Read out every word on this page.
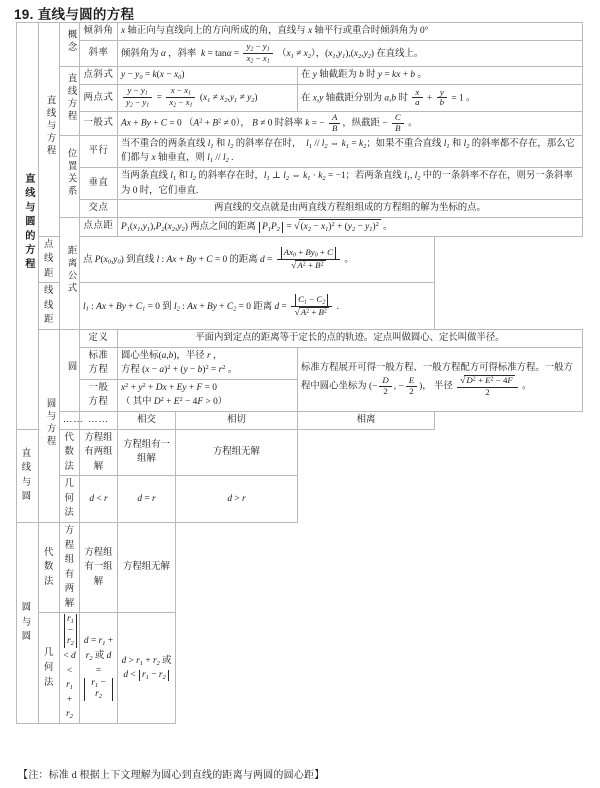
19. 直线与圆的方程
直线与圆的方程	直线与方程	概念	倾斜角	x 轴正向与直线向上的方向所成的角，直线与 x 轴平行或重合时倾斜角为 0°		
			斜率	倾斜角为 α ，斜率  $k = \tan\alpha = \frac{y_2 - y_1}{x_2 - x_1} (x_1 \ne x_2)$，$(x_1,y_1),(x_2,y_2)$ 在直线上。		
		直线方程	点斜式	$y - y_0 = k(x - x_0)$		在 y 轴截距为 b 时 y = kx + b 。
两点式	$\frac{y - y_1}{y_2 - y_1} = \frac{x - x_1}{x_2 - x_1} (x_1 \ne x_2,y_1 \ne y_2)$	在 x,y 轴截距分别为 a,b 时 $\frac{x}{a} + \frac{y}{b} = 1$ 。
一般式	Ax + By + C = 0 $(A^2 + B^2 \ne 0)$， B ≠ 0 时斜率 k = − $\frac{A}{B}$ ，纵截距 − $\frac{C}{B}$ 。
		位置关系	平行	当不重合的两条直线 $l_1$ 和 $l_2$ 的斜率存在时，  $l_1 // l_2$ ⇔ $k_1 = k_2$；如果不重合直线 $l_1$ 和 $l_2$ 的斜率都不存在，那么它们都与 x 轴垂直，则 $l_1 // l_2$ .		
			垂直	当两条直线 $l_1$ 和 $l_2$ 的斜率存在时，$l_1$ ⊥ $l_2$ ⇔ $k_1 \cdot k_2 = -1$；若两条直线 $l_1$, $l_2$ 中的一条斜率不存在，则另一条斜率为 0 时，它们垂直.		
			交点	两直线的交点就是由两直线方程组组成的方程组的解为坐标的点。		
		距离公式	点点距	$P_1(x_1,y_1),P_2(x_2,y_2)$ 两点之间的距离 $P_1P_2 = √(x_2 - x_1)^2 + (y_2 - y_1)^2$ 。		
	点线距		点 $P(x_0,y_0)$ 到直线 l : Ax + By + C = 0 的距离 $d = \frac{Ax_0 + By_0 + C}{√A^2 + B^2}$ 。			
	线线距		$l_1$ : $Ax + By + C_1 = 0$ 到 $l_2$ : $Ax + By + C_2 = 0$ 距离 $d = \frac{C_1 - C_2}{√A^2 + B^2}$ .			
	圆与方程	圆	定义	平面内到定点的距离等于定长的点的轨迹。定点叫做圆心、定长叫做半径。		
标准
方程	圆心坐标(a,b)，半径 r ，
方程 $(x - a)^2 + (y - b)^2 = r^2$ 。	标准方程展开可得一般方程、一般方程配方可得标准方程。一般方程中圆心坐标为 (− $\frac{D}{2}$ , − $\frac{E}{2}$ )， 半径 $\frac{√D^2 + E^2 - 4F}{2}$ 。
			一般
方程	$x^2 + y^2 + Dx + Ey + F = 0$
（ 其中 $D^2 + E^2 - 4F > 0$）		
		……	……	相交	相切	相离
直线
与圆		代数法	方程组有两组解	方程组有一组解	方程组无解	
		几何法	d < r	d = r	d > r	
圆与
圆	代数法	方程组有两解	方程组有一组解	方程组无解		
	几何法	$r_1 - r_2 < d < r_1 + r_2$	$d = r_1 + r_2$ 或 $d = r_1 - r_2$	$d > r_1 + r_2$ 或 $d < r_1 - r_2$
【注：标准 d 根据上下文理解为圆心到直线的距离与两圆的圆心距】
